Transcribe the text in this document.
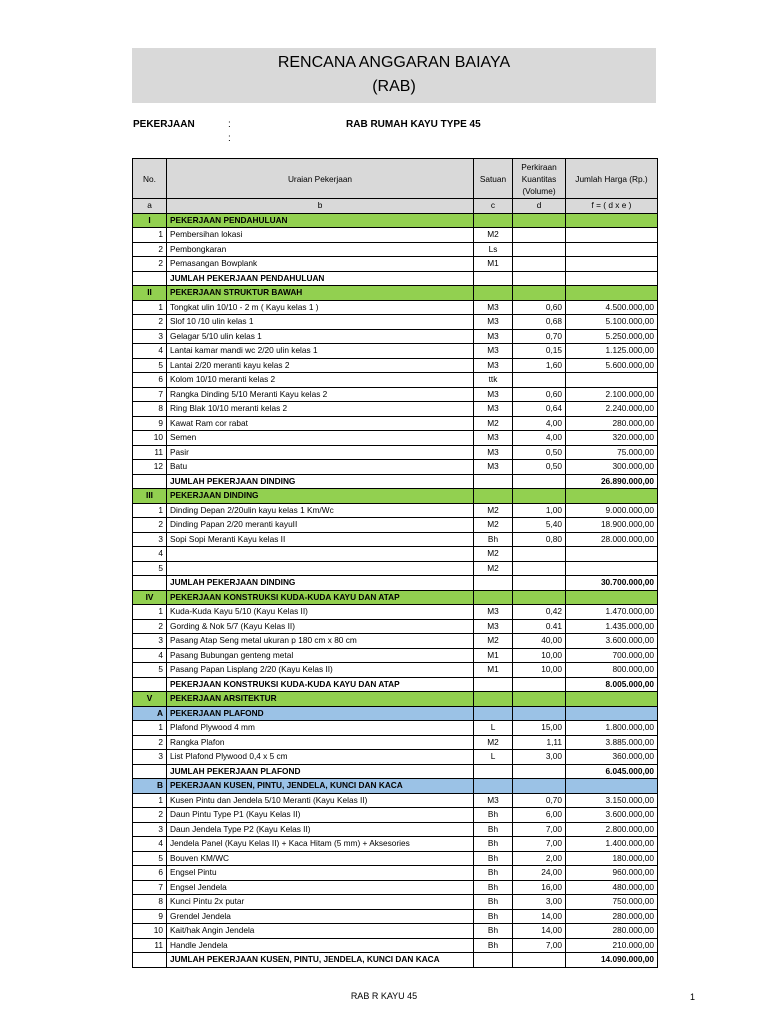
RENCANA ANGGARAN BAIAYA
(RAB)
PEKERJAAN	:	RAB RUMAH KAYU TYPE 45
:
No.	Uraian Pekerjaan	Satuan	Perkiraan Kuantitas (Volume)	Jumlah Harga (Rp.)
a	b	c	d	f = ( d x e )
I	PEKERJAAN PENDAHULUAN			
1	Pembersihan lokasi	M2		
2	Pembongkaran	Ls		
2	Pemasangan Bowplank	M1		
	JUMLAH PEKERJAAN PENDAHULUAN			
II	PEKERJAAN STRUKTUR BAWAH			
1	Tongkat ulin 10/10 - 2 m ( Kayu kelas 1 )	M3	0,60	4.500.000,00
2	Slof 10 /10 ulin kelas 1	M3	0,68	5.100.000,00
3	Gelagar 5/10 ulin kelas 1	M3	0,70	5.250.000,00
4	Lantai kamar mandi wc 2/20 ulin kelas 1	M3	0,15	1.125.000,00
5	Lantai 2/20 meranti kayu kelas 2	M3	1,60	5.600.000,00
6	Kolom 10/10 meranti kelas 2	ttk		
7	Rangka Dinding 5/10 Meranti Kayu kelas 2	M3	0,60	2.100.000,00
8	Ring Blak 10/10 meranti kelas 2	M3	0,64	2.240.000,00
9	Kawat Ram cor rabat	M2	4,00	280.000,00
10	Semen	M3	4,00	320.000,00
11	Pasir	M3	0,50	75.000,00
12	Batu	M3	0,50	300.000,00
	JUMLAH PEKERJAAN DINDING			26.890.000,00
III	PEKERJAAN DINDING			
1	Dinding Depan 2/20ulin kayu kelas 1 Km/Wc	M2	1,00	9.000.000,00
2	Dinding Papan 2/20 meranti kayuII	M2	5,40	18.900.000,00
3	Sopi Sopi Meranti Kayu kelas II	Bh	0,80	28.000.000,00
4		M2		
5		M2		
	JUMLAH PEKERJAAN DINDING			30.700.000,00
IV	PEKERJAAN KONSTRUKSI KUDA-KUDA KAYU DAN ATAP			
1	Kuda-Kuda Kayu 5/10 (Kayu Kelas II)	M3	0,42	1.470.000,00
2	Gording & Nok 5/7 (Kayu Kelas II)	M3	0.41	1.435.000,00
3	Pasang Atap Seng metal ukuran p 180 cm x 80 cm	M2	40,00	3.600.000,00
4	Pasang Bubungan genteng metal	M1	10,00	700.000,00
5	Pasang Papan Lisplang 2/20 (Kayu Kelas II)	M1	10,00	800.000,00
	PEKERJAAN KONSTRUKSI KUDA-KUDA KAYU DAN ATAP			8.005.000,00
V	PEKERJAAN ARSITEKTUR			
A	PEKERJAAN PLAFOND			
1	Plafond Plywood 4 mm	L	15,00	1.800.000,00
2	Rangka Plafon	M2	1,11	3.885.000,00
3	List Plafond Plywood 0,4 x 5 cm	L	3,00	360.000,00
	JUMLAH PEKERJAAN PLAFOND			6.045.000,00
B	PEKERJAAN KUSEN, PINTU, JENDELA, KUNCI DAN KACA			
1	Kusen Pintu dan Jendela 5/10 Meranti (Kayu Kelas II)	M3	0,70	3.150.000,00
2	Daun Pintu Type P1 (Kayu Kelas II)	Bh	6,00	3.600.000,00
3	Daun Jendela Type P2 (Kayu Kelas II)	Bh	7,00	2.800.000,00
4	Jendela Panel (Kayu Kelas II) + Kaca Hitam (5 mm) + Aksesories	Bh	7,00	1.400.000,00
5	Bouven KM/WC	Bh	2,00	180.000,00
6	Engsel Pintu	Bh	24,00	960.000,00
7	Engsel Jendela	Bh	16,00	480.000,00
8	Kunci Pintu 2x putar	Bh	3,00	750.000,00
9	Grendel Jendela	Bh	14,00	280.000,00
10	Kait/hak Angin Jendela	Bh	14,00	280.000,00
11	Handle Jendela	Bh	7,00	210.000,00
	JUMLAH PEKERJAAN KUSEN, PINTU, JENDELA, KUNCI DAN KACA			14.090.000,00
RAB R KAYU 45	1
